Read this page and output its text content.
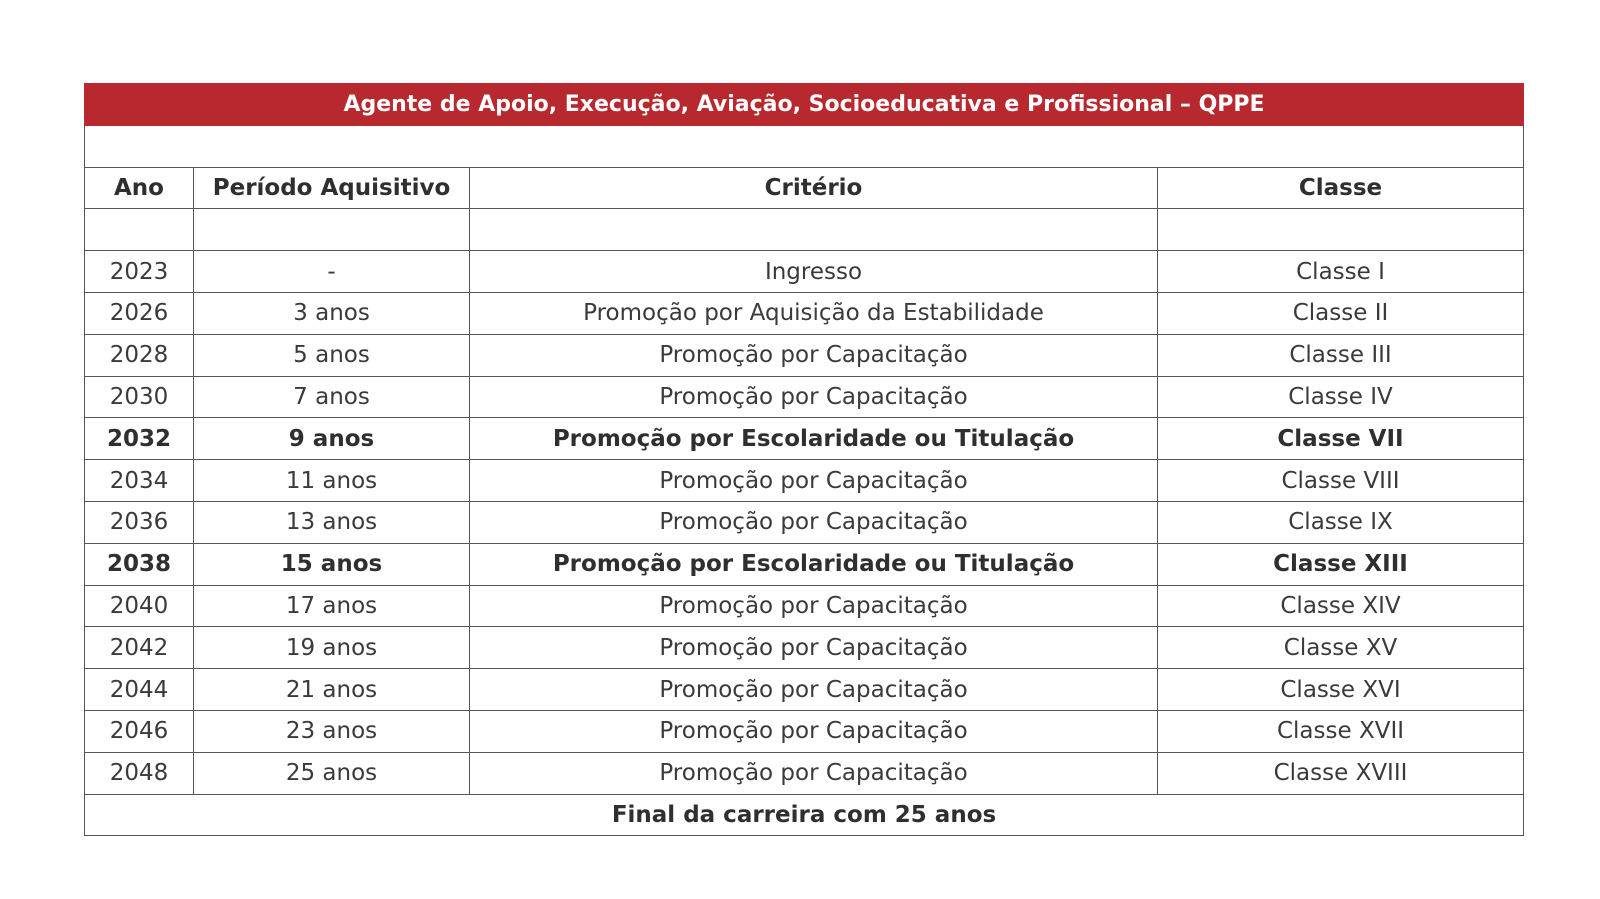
Agente de Apoio, Execução, Aviação, Socioeducativa e Profissional – QPPE			

Ano	Período Aquisitivo	Critério	Classe

2023	-	Ingresso	Classe I
2026	3 anos	Promoção por Aquisição da Estabilidade	Classe II
2028	5 anos	Promoção por Capacitação	Classe III
2030	7 anos	Promoção por Capacitação	Classe IV
2032	9 anos	Promoção por Escolaridade ou Titulação	Classe VII
2034	11 anos	Promoção por Capacitação	Classe VIII
2036	13 anos	Promoção por Capacitação	Classe IX
2038	15 anos	Promoção por Escolaridade ou Titulação	Classe XIII
2040	17 anos	Promoção por Capacitação	Classe XIV
2042	19 anos	Promoção por Capacitação	Classe XV
2044	21 anos	Promoção por Capacitação	Classe XVI
2046	23 anos	Promoção por Capacitação	Classe XVII
2048	25 anos	Promoção por Capacitação	Classe XVIII
Final da carreira com 25 anos			
